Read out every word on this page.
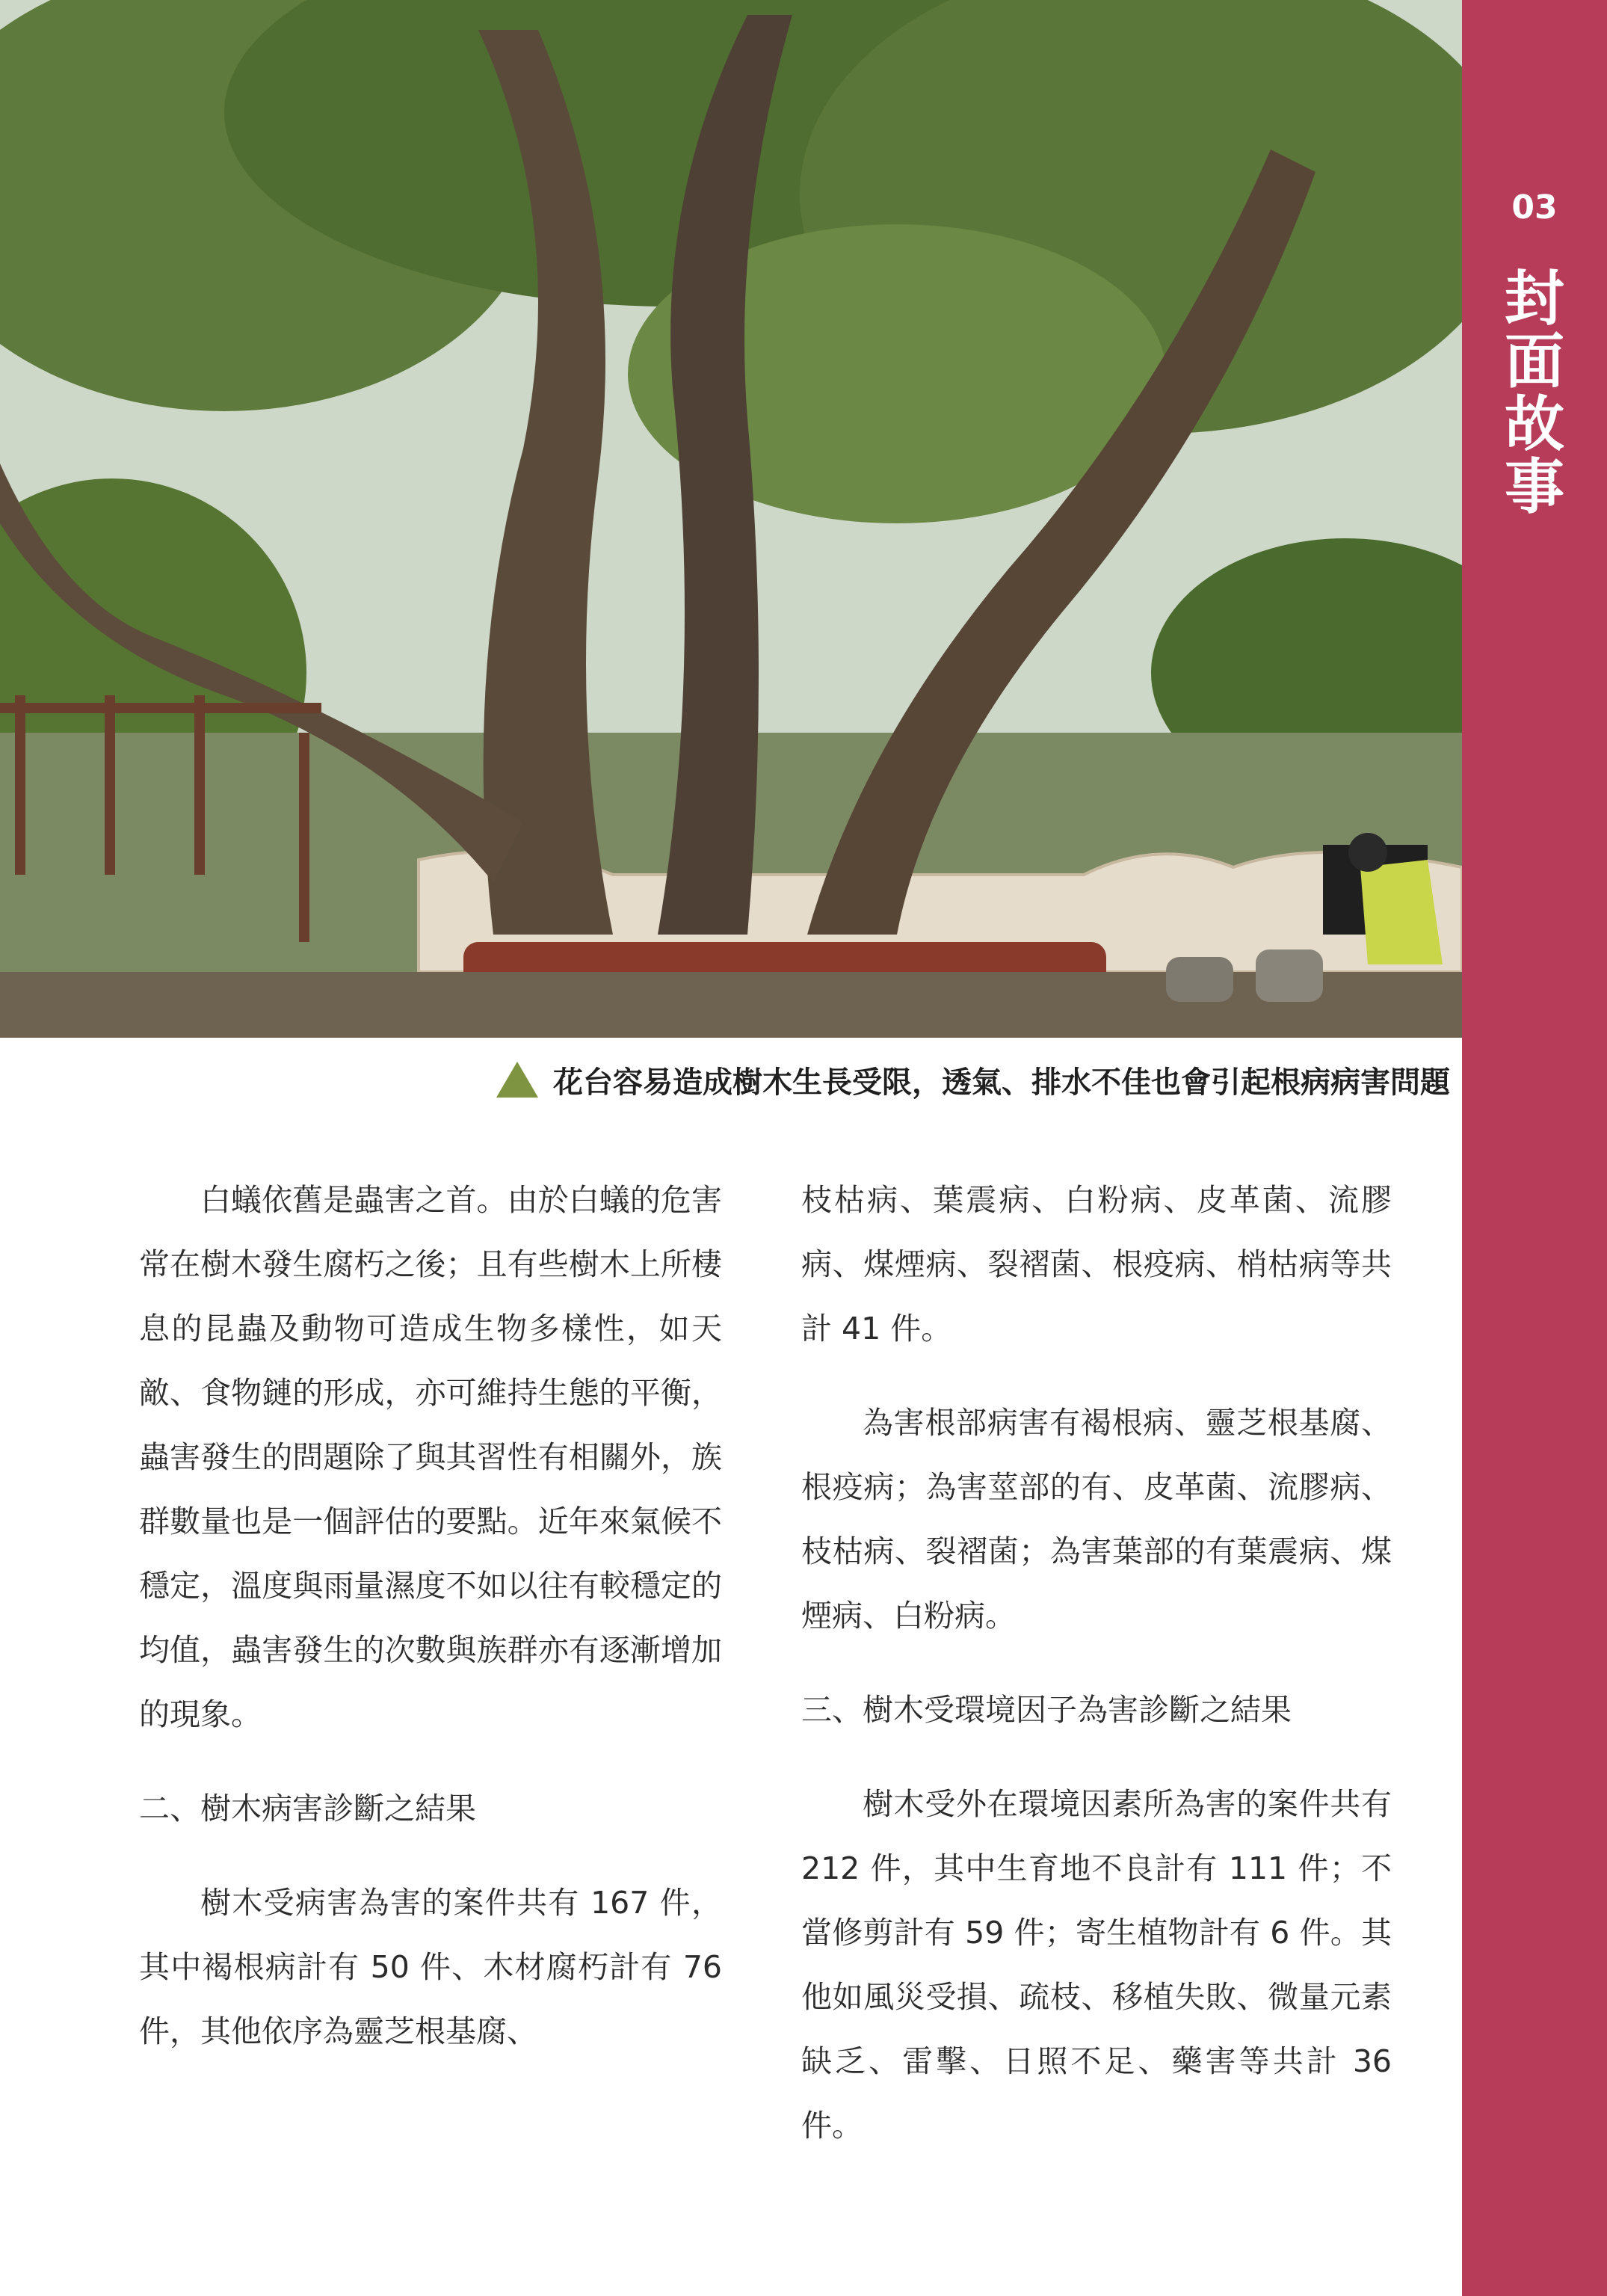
03
封
面
故
事
花台容易造成樹木生長受限，透氣、排水不佳也會引起根病病害問題

白蟻依舊是蟲害之首。由於白蟻的危害常在樹木發生腐朽之後；且有些樹木上所棲息的昆蟲及動物可造成生物多樣性，如天敵、食物鏈的形成，亦可維持生態的平衡，蟲害發生的問題除了與其習性有相關外，族群數量也是一個評估的要點。近年來氣候不穩定，溫度與雨量濕度不如以往有較穩定的均值，蟲害發生的次數與族群亦有逐漸增加的現象。

二、樹木病害診斷之結果

樹木受病害為害的案件共有 167 件，其中褐根病計有 50 件、木材腐朽計有 76 件，其他依序為靈芝根基腐、

枝枯病、葉震病、白粉病、皮革菌、流膠病、煤煙病、裂褶菌、根疫病、梢枯病等共計 41 件。

為害根部病害有褐根病、靈芝根基腐、根疫病；為害莖部的有、皮革菌、流膠病、枝枯病、裂褶菌；為害葉部的有葉震病、煤煙病、白粉病。

三、樹木受環境因子為害診斷之結果

樹木受外在環境因素所為害的案件共有 212 件，其中生育地不良計有 111 件；不當修剪計有 59 件；寄生植物計有 6 件。其他如風災受損、疏枝、移植失敗、微量元素缺乏、雷擊、日照不足、藥害等共計 36 件。
